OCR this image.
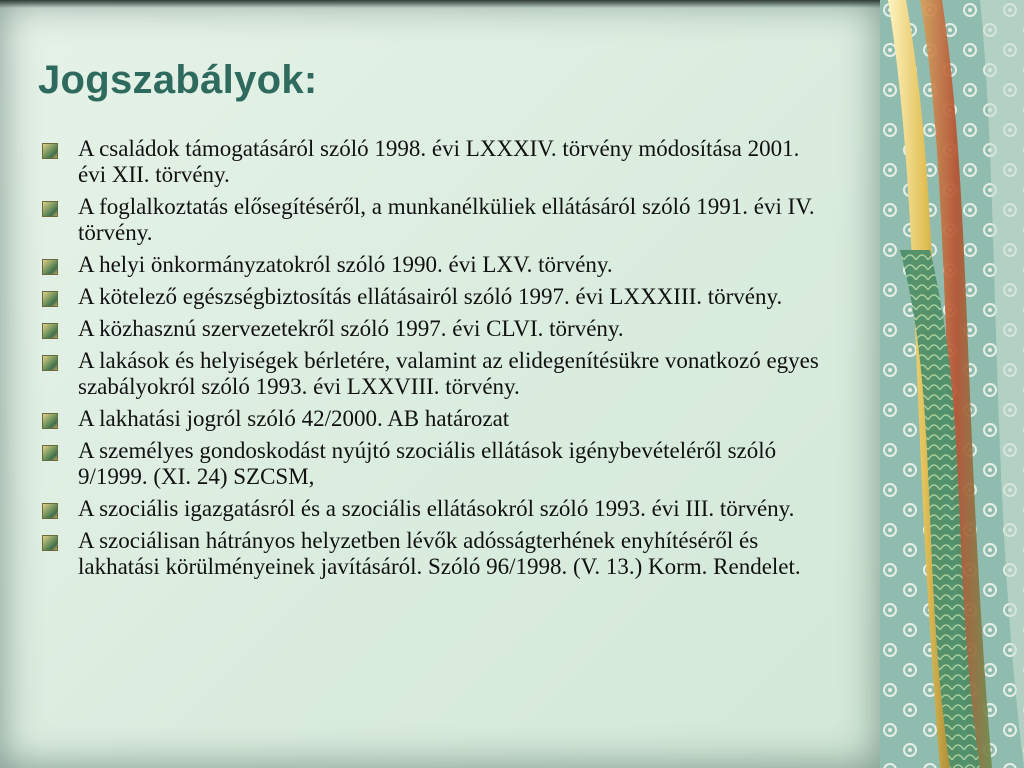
Jogszabályok:
A családok támogatásáról szóló 1998. évi LXXXIV. törvény módosítása 2001. évi XII. törvény.
A foglalkoztatás elősegítéséről, a munkanélküliek ellátásáról szóló 1991. évi IV. törvény.
A helyi önkormányzatokról szóló 1990. évi LXV. törvény.
A kötelező egészségbiztosítás ellátásairól szóló 1997. évi LXXXIII. törvény.
A közhasznú szervezetekről szóló 1997. évi CLVI. törvény.
A lakások és helyiségek bérletére, valamint az elidegenítésükre vonatkozó egyes szabályokról szóló 1993. évi LXXVIII. törvény.
A lakhatási jogról szóló 42/2000. AB határozat
A személyes gondoskodást nyújtó szociális ellátások igénybevételéről szóló 9/1999. (XI. 24) SZCSM,
A szociális igazgatásról és a szociális ellátásokról szóló 1993. évi III. törvény.
A szociálisan hátrányos helyzetben lévők adósságterhének enyhítéséről és lakhatási körülményeinek javításáról. Szóló 96/1998. (V. 13.) Korm. Rendelet.
